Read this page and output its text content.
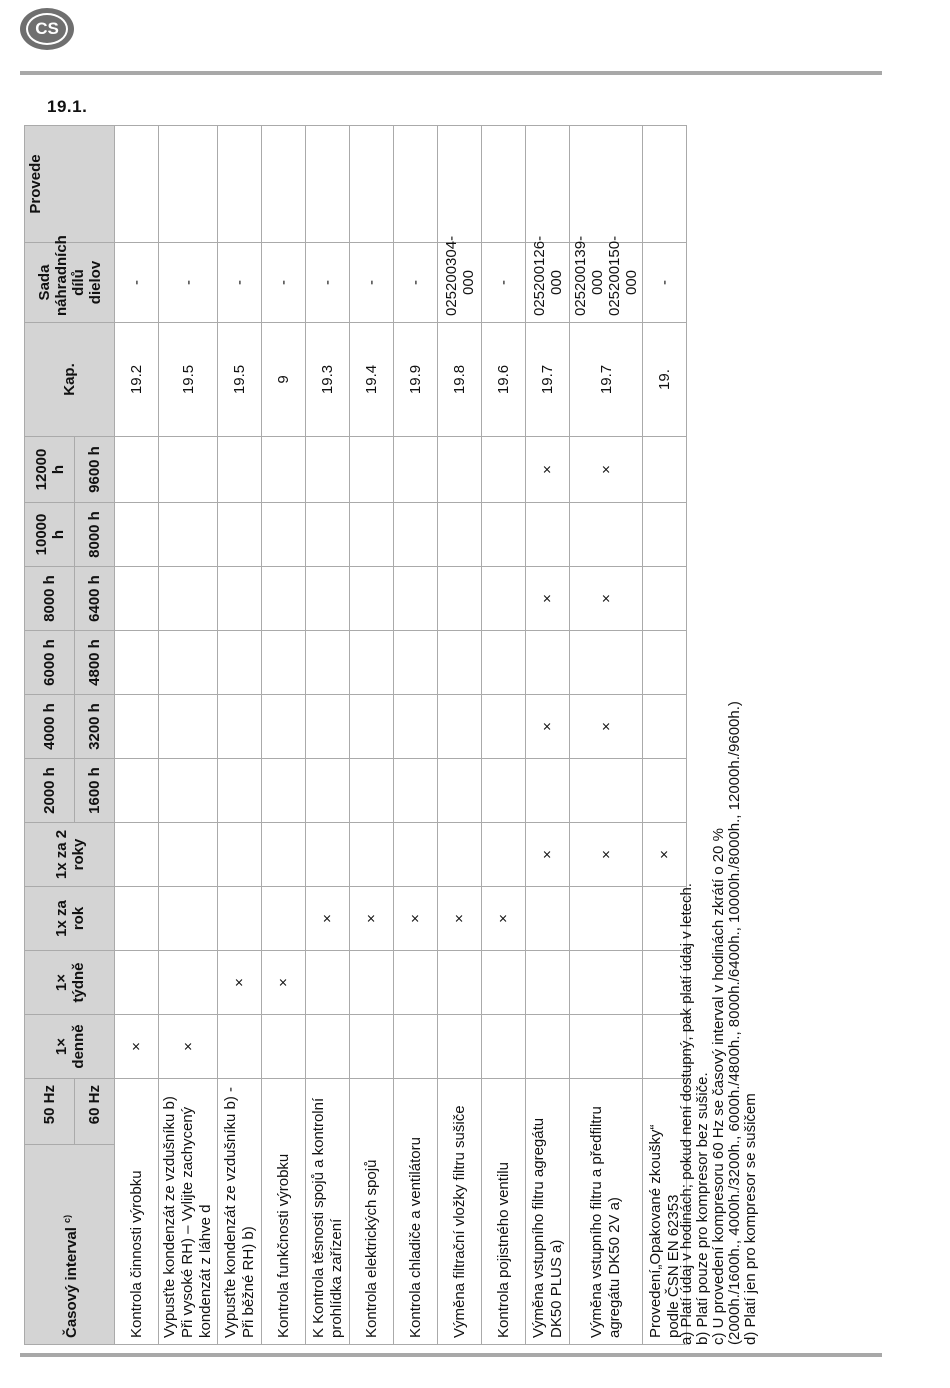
CS
19.1.
Časový interval $^{c)}$	50 Hz	1× denně	1× týdně	1x za rok	1x za 2 roky	2000 h	4000 h	6000 h	8000 h	10000 h	12000 h	Kap.	Sada náhradních dílů dielov	Provede
	60 Hz					1600 h	3200 h	4800 h	6400 h	8000 h	9600 h			
Kontrola činnosti výrobku		×										19.2	-	
Vypusťte kondenzát ze vzdušníku b) Při vysoké RH) – Vylijte zachycený kondenzát z láhve d		×										19.5	-	
Vypusťte kondenzát ze vzdušníku b) - Při běžné RH) b)			×									19.5	-	
Kontrola funkčnosti výrobku			×									9	-	
K Kontrola těsnosti spojů a kontrolní prohlídka zařízení				×								19.3	-	
Kontrola elektrických spojů				×								19.4	-	
Kontrola chladiče a ventilátoru				×								19.9	-	
Výměna filtrační vložky filtru sušiče				×								19.8	025200304-000	
Kontrola pojistného ventilu				×								19.6	-	
Výměna vstupního filtru agregátu DK50 PLUS a)					×		×		×		×	19.7	025200126-000	
Výměna vstupního filtru a předfiltru agregátu DK50 2V a)					×		×		×		×	19.7	025200139-000 025200150-000	
Provedení„Opakované zkoušky“ podle ČSN EN 62353					×							19.	-	
a) Platí údaj v hodinách; pokud není dostupný, pak platí údaj v letech. b) Platí pouze pro kompresor bez sušiče. c) U provedení kompresoru 60 Hz se časový interval v hodinách zkrátí o 20 % (2000h./1600h., 4000h./3200h., 6000h./4800h., 8000h./6400h., 10000h./8000h., 12000h./9600h.) d) Platí jen pro kompresor se sušičem
